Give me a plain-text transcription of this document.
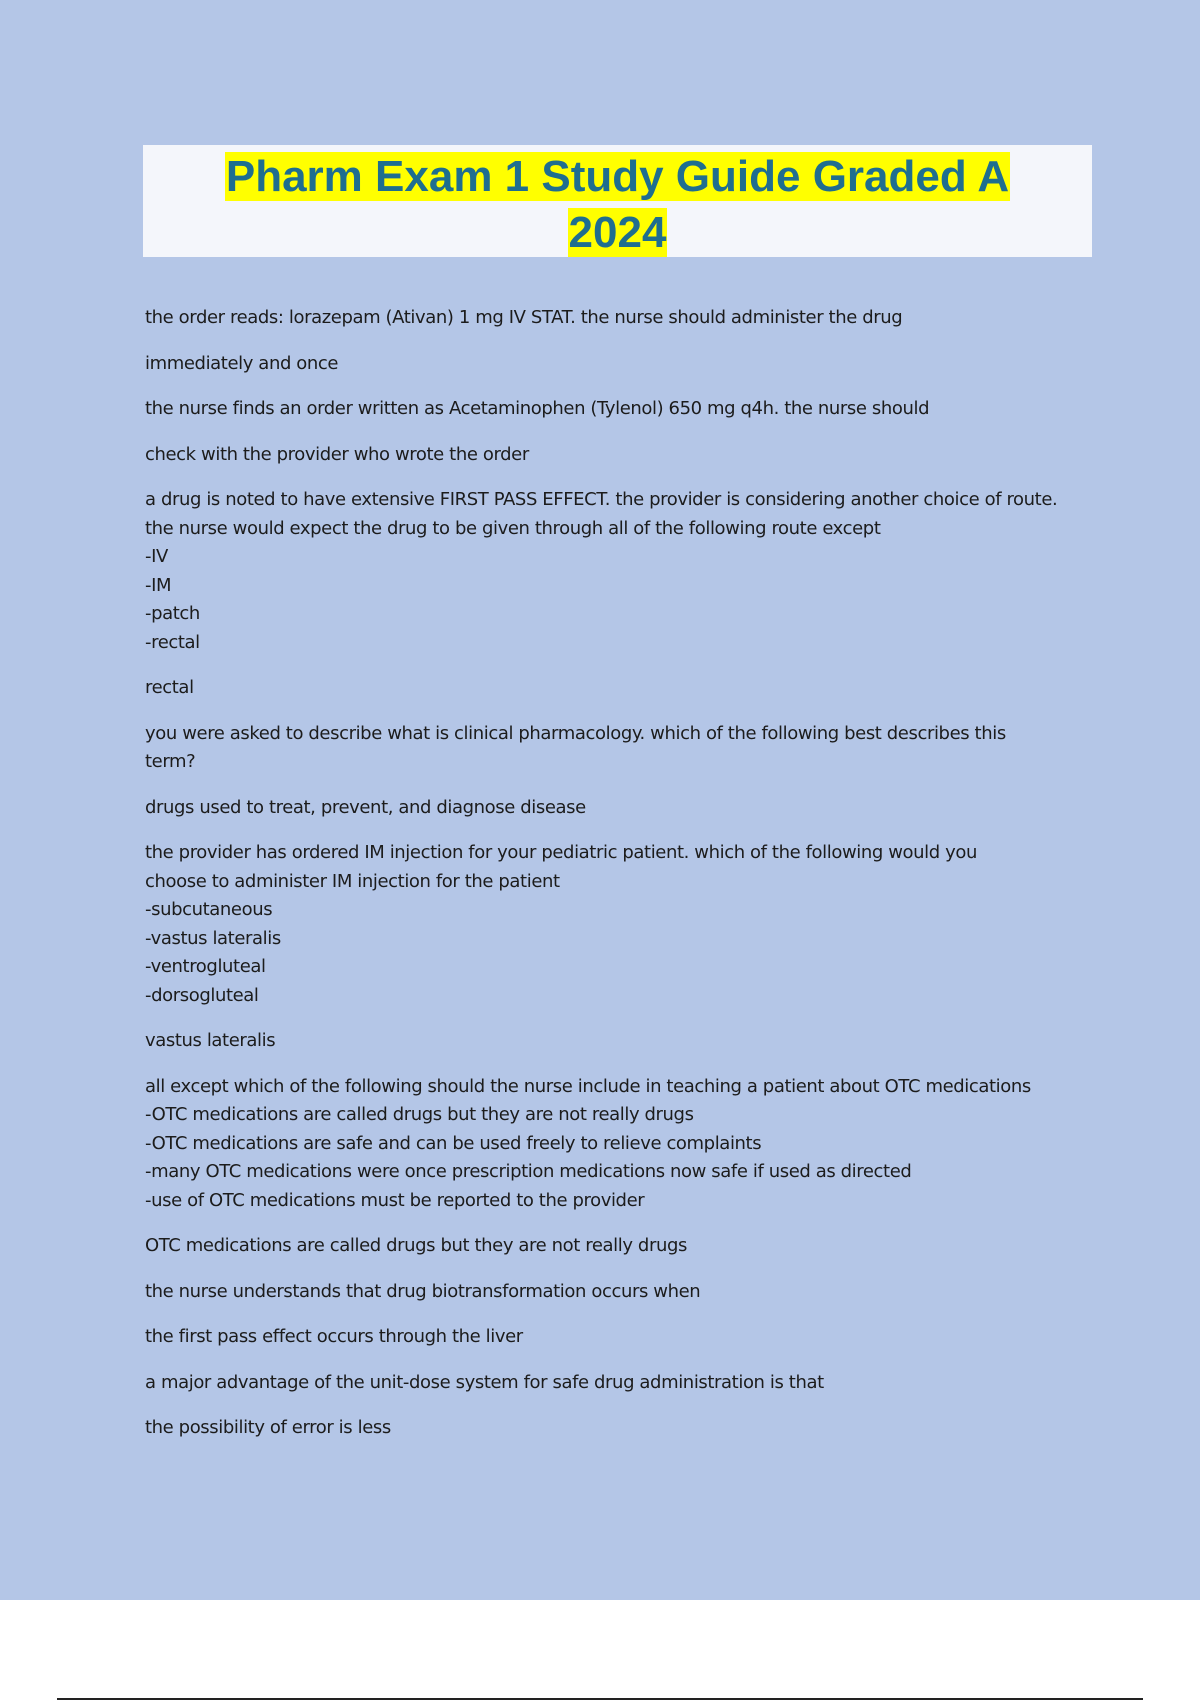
Pharm Exam 1 Study Guide Graded A
2024
the order reads: lorazepam (Ativan) 1 mg IV STAT. the nurse should administer the drug
immediately and once
the nurse finds an order written as Acetaminophen (Tylenol) 650 mg q4h. the nurse should
check with the provider who wrote the order
a drug is noted to have extensive FIRST PASS EFFECT. the provider is considering another choice of route.
the nurse would expect the drug to be given through all of the following route except
-IV
-IM
-patch
-rectal
rectal
you were asked to describe what is clinical pharmacology. which of the following best describes this
term?
drugs used to treat, prevent, and diagnose disease
the provider has ordered IM injection for your pediatric patient. which of the following would you
choose to administer IM injection for the patient
-subcutaneous
-vastus lateralis
-ventrogluteal
-dorsogluteal
vastus lateralis
all except which of the following should the nurse include in teaching a patient about OTC medications
-OTC medications are called drugs but they are not really drugs
-OTC medications are safe and can be used freely to relieve complaints
-many OTC medications were once prescription medications now safe if used as directed
-use of OTC medications must be reported to the provider
OTC medications are called drugs but they are not really drugs
the nurse understands that drug biotransformation occurs when
the first pass effect occurs through the liver
a major advantage of the unit-dose system for safe drug administration is that
the possibility of error is less
